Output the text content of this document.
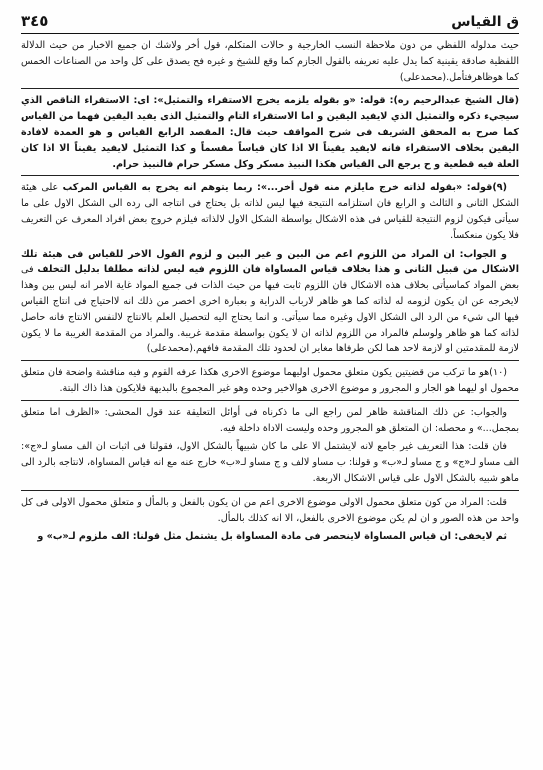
٣٤٥	ق القياس

حيث مدلوله اللفظي من دون ملاحظة النسب الخارجية و حالات المتكلم، قول أخر ولاشك ان جميع الاخبار من حيث الدلالة اللفظية صادقة يقينية كما يدل عليه تعريفه بالقول الجازم كما وقع للشيخ و غيره فح يصدق على كل واحد من الصناعات الخمس كما هوظاهرفتأمل.(محمدعلى)

(قال الشيخ عبدالرحيم ره): قوله: «و بقوله يلزمه يخرج الاستقراء والتمثيل»: اى: الاستقراء الناقص الذي سيجيء ذكره والتمثيل الذي لايفيد اليقين و اما الاستقراء التام والتمثيل الذى يفيد اليقين فهما من القياس كما صرح به المحقق الشريف فى شرح المواقف حيث قال: المقصد الرابع القياس و هو العمدة لافادة اليقين بخلاف الاستقراء فانه لايفيد يقيناً الا اذا كان قياساً مقسماً و كذا التمثيل لايفيد يقيناً الا اذا كان العلة فيه قطعية و ح يرجع الى القياس هكذا النبيذ مسكر وكل مسكر حرام فالنبيذ حرام.

(٩)قوله: «بقوله لذاته خرج مايلزم منه قول أخر...»: ربما يتوهم انه يخرج به القياس المركب على هيئة الشكل الثانى و الثالث و الرابع فان استلزامه النتيجة فيها ليس لذاته بل يحتاج فى انتاجه الى رده الى الشكل الاول على ما سيأتى فيكون لزوم النتيجة للقياس فى هذه الاشكال بواسطة الشكل الاول لالذاته فيلزم خروج بعض افراد المعرف عن التعريف فلا يكون منعكساً.

و الجواب: ان المراد من اللزوم اعم من البين و غير البين و لزوم القول الاخر للقياس فى هيئة تلك الاشكال من قبيل الثانى و هذا بخلاف قياس المساواة فان اللزوم فيه ليس لذاته مطلقا بدليل التخلف فى بعض المواد كماسيأتى بخلاف هذه الاشكال فان اللزوم ثابت فيها من حيث الذات فى جميع المواد غاية الامر انه ليس بين وهذا لايخرجه عن ان يكون لزومه له لذاته كما هو ظاهر لارباب الدراية و بعبارة اخرى اخصر من ذلك انه لااحتياج فى انتاج القياس فيها الى شيء من الرد الى الشكل الاول وغيره مما سيأتى. و انما يحتاج اليه لتحصيل العلم بالانتاج لالنفس الانتاج فانه حاصل لذاته كما هو ظاهر ولوسلم فالمراد من اللزوم لذاته ان لا يكون بواسطة مقدمة غريبة. والمراد من المقدمة الغريبة ما لا يكون لازمة للمقدمتين او لازمة لاحد هما لكن طرفاها مغاير ان لحدود تلك المقدمة فافهم.(محمدعلى)

(١٠)هو ما تركب من قضيتين يكون متعلق محمول اوليهما موضوع الاخرى هكذا عرفه القوم و فيه مناقشة واضحة فان متعلق محمول او ليهما هو الجار و المجرور و موضوع الاخرى هوالاخير وحده وهو غير المجموع بالبديهة فلايكون هذا ذاك البتة.

والجواب: عن ذلك المناقشة ظاهر لمن راجع الى ما ذكرناه فى أوائل التعليقة عند قول المحشى: «الظرف اما متعلق بمجمل...» و محصله: ان المتعلق هو المجرور وحده وليست الاداة داخلة فيه.

فان قلت: هذا التعريف غير جامع لانه لايشتمل الا على ما كان شبيهاً بالشكل الاول، فقولنا فى اثبات ان الف مساو لـ«ج»: الف مساو لـ«ج» و ج مساو لـ«ب» و قولنا: ب مساو لالف و ج مساو لـ«ب» خارج عنه مع انه قياس المساواة، لانتاجه بالرد الى ماهو شبيه بالشكل الاول على قياس الاشكال الاربعة.

قلت: المراد من كون متعلق محمول الاولى موضوع الاخرى اعم من ان يكون بالفعل و بالمأل و متعلق محمول الاولى فى كل واحد من هذه الصور و ان لم يكن موضوع الاخرى بالفعل، الا انه كذلك بالمأل.

ثم لايخفى: ان قياس المساواة لاينحصر فى مادة المساواة بل يشتمل مثل قولنا: الف ملزوم لـ«ب» و
